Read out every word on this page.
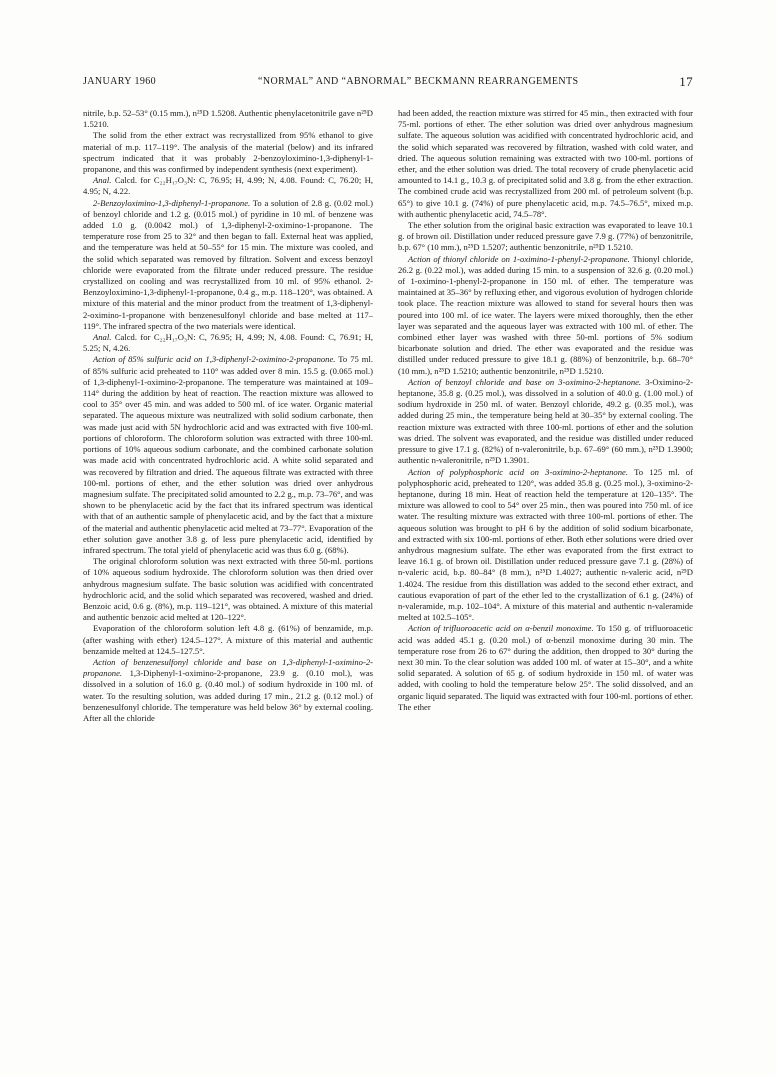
JANUARY 1960	“NORMAL” AND “ABNORMAL” BECKMANN REARRANGEMENTS	17

nitrile, b.p. 52–53° (0.15 mm.), n²⁵D 1.5208. Authentic phenylacetonitrile gave n²⁵D 1.5210.

The solid from the ether extract was recrystallized from 95% ethanol to give material of m.p. 117–119°. The analysis of the material (below) and its infrared spectrum indicated that it was probably 2-benzoyloximino-1,3-diphenyl-1-propanone, and this was confirmed by independent synthesis (next experiment).

Anal. Calcd. for C₂₂H₁₇O₃N: C, 76.95; H, 4.99; N, 4.08. Found: C, 76.20; H, 4.95; N, 4.22.

2-Benzoyloximino-1,3-diphenyl-1-propanone. To a solution of 2.8 g. (0.02 mol.) of benzoyl chloride and 1.2 g. (0.015 mol.) of pyridine in 10 ml. of benzene was added 1.0 g. (0.0042 mol.) of 1,3-diphenyl-2-oximino-1-propanone. The temperature rose from 25 to 32° and then began to fall. External heat was applied, and the temperature was held at 50–55° for 15 min. The mixture was cooled, and the solid which separated was removed by filtration. Solvent and excess benzoyl chloride were evaporated from the filtrate under reduced pressure. The residue crystallized on cooling and was recrystallized from 10 ml. of 95% ethanol. 2-Benzoyloximino-1,3-diphenyl-1-propanone, 0.4 g., m.p. 118–120°, was obtained. A mixture of this material and the minor product from the treatment of 1,3-diphenyl-2-oximino-1-propanone with benzenesulfonyl chloride and base melted at 117–119°. The infrared spectra of the two materials were identical.

Anal. Calcd. for C₂₂H₁₇O₃N: C, 76.95; H, 4.99; N, 4.08. Found: C, 76.91; H, 5.25; N, 4.26.

Action of 85% sulfuric acid on 1,3-diphenyl-2-oximino-2-propanone. To 75 ml. of 85% sulfuric acid preheated to 110° was added over 8 min. 15.5 g. (0.065 mol.) of 1,3-diphenyl-1-oximino-2-propanone. The temperature was maintained at 109–114° during the addition by heat of reaction. The reaction mixture was allowed to cool to 35° over 45 min. and was added to 500 ml. of ice water. Organic material separated. The aqueous mixture was neutralized with solid sodium carbonate, then was made just acid with 5N hydrochloric acid and was extracted with five 100-ml. portions of chloroform. The chloroform solution was extracted with three 100-ml. portions of 10% aqueous sodium carbonate, and the combined carbonate solution was made acid with concentrated hydrochloric acid. A white solid separated and was recovered by filtration and dried. The aqueous filtrate was extracted with three 100-ml. portions of ether, and the ether solution was dried over anhydrous magnesium sulfate. The precipitated solid amounted to 2.2 g., m.p. 73–76°, and was shown to be phenylacetic acid by the fact that its infrared spectrum was identical with that of an authentic sample of phenylacetic acid, and by the fact that a mixture of the material and authentic phenylacetic acid melted at 73–77°. Evaporation of the ether solution gave another 3.8 g. of less pure phenylacetic acid, identified by infrared spectrum. The total yield of phenylacetic acid was thus 6.0 g. (68%).

The original chloroform solution was next extracted with three 50-ml. portions of 10% aqueous sodium hydroxide. The chloroform solution was then dried over anhydrous magnesium sulfate. The basic solution was acidified with concentrated hydrochloric acid, and the solid which separated was recovered, washed and dried. Benzoic acid, 0.6 g. (8%), m.p. 119–121°, was obtained. A mixture of this material and authentic benzoic acid melted at 120–122°.

Evaporation of the chloroform solution left 4.8 g. (61%) of benzamide, m.p. (after washing with ether) 124.5–127°. A mixture of this material and authentic benzamide melted at 124.5–127.5°.

Action of benzenesulfonyl chloride and base on 1,3-diphenyl-1-oximino-2-propanone. 1,3-Diphenyl-1-oximino-2-propanone, 23.9 g. (0.10 mol.), was dissolved in a solution of 16.0 g. (0.40 mol.) of sodium hydroxide in 100 ml. of water. To the resulting solution, was added during 17 min., 21.2 g. (0.12 mol.) of benzenesulfonyl chloride. The temperature was held below 36° by external cooling. After all the chloride

had been added, the reaction mixture was stirred for 45 min., then extracted with four 75-ml. portions of ether. The ether solution was dried over anhydrous magnesium sulfate. The aqueous solution was acidified with concentrated hydrochloric acid, and the solid which separated was recovered by filtration, washed with cold water, and dried. The aqueous solution remaining was extracted with two 100-ml. portions of ether, and the ether solution was dried. The total recovery of crude phenylacetic acid amounted to 14.1 g., 10.3 g. of precipitated solid and 3.8 g. from the ether extraction. The combined crude acid was recrystallized from 200 ml. of petroleum solvent (b.p. 65°) to give 10.1 g. (74%) of pure phenylacetic acid, m.p. 74.5–76.5°, mixed m.p. with authentic phenylacetic acid, 74.5–78°.

The ether solution from the original basic extraction was evaporated to leave 10.1 g. of brown oil. Distillation under reduced pressure gave 7.9 g. (77%) of benzonitrile, b.p. 67° (10 mm.), n²⁵D 1.5207; authentic benzonitrile, n²⁵D 1.5210.

Action of thionyl chloride on 1-oximino-1-phenyl-2-propanone. Thionyl chloride, 26.2 g. (0.22 mol.), was added during 15 min. to a suspension of 32.6 g. (0.20 mol.) of 1-oximino-1-phenyl-2-propanone in 150 ml. of ether. The temperature was maintained at 35–36° by refluxing ether, and vigorous evolution of hydrogen chloride took place. The reaction mixture was allowed to stand for several hours then was poured into 100 ml. of ice water. The layers were mixed thoroughly, then the ether layer was separated and the aqueous layer was extracted with 100 ml. of ether. The combined ether layer was washed with three 50-ml. portions of 5% sodium bicarbonate solution and dried. The ether was evaporated and the residue was distilled under reduced pressure to give 18.1 g. (88%) of benzonitrile, b.p. 68–70° (10 mm.), n²⁵D 1.5210; authentic benzonitrile, n²⁵D 1.5210.

Action of benzoyl chloride and base on 3-oximino-2-heptanone. 3-Oximino-2-heptanone, 35.8 g. (0.25 mol.), was dissolved in a solution of 40.0 g. (1.00 mol.) of sodium hydroxide in 250 ml. of water. Benzoyl chloride, 49.2 g. (0.35 mol.), was added during 25 min., the temperature being held at 30–35° by external cooling. The reaction mixture was extracted with three 100-ml. portions of ether and the solution was dried. The solvent was evaporated, and the residue was distilled under reduced pressure to give 17.1 g. (82%) of n-valeronitrile, b.p. 67–69° (60 mm.), n²⁵D 1.3900; authentic n-valeronitrile, n²⁵D 1.3901.

Action of polyphosphoric acid on 3-oximino-2-heptanone. To 125 ml. of polyphosphoric acid, preheated to 120°, was added 35.8 g. (0.25 mol.), 3-oximino-2-heptanone, during 18 min. Heat of reaction held the temperature at 120–135°. The mixture was allowed to cool to 54° over 25 min., then was poured into 750 ml. of ice water. The resulting mixture was extracted with three 100-ml. portions of ether. The aqueous solution was brought to pH 6 by the addition of solid sodium bicarbonate, and extracted with six 100-ml. portions of ether. Both ether solutions were dried over anhydrous magnesium sulfate. The ether was evaporated from the first extract to leave 16.1 g. of brown oil. Distillation under reduced pressure gave 7.1 g. (28%) of n-valeric acid, b.p. 80–84° (8 mm.), n²⁵D 1.4027; authentic n-valeric acid, n²⁵D 1.4024. The residue from this distillation was added to the second ether extract, and cautious evaporation of part of the ether led to the crystallization of 6.1 g. (24%) of n-valeramide, m.p. 102–104°. A mixture of this material and authentic n-valeramide melted at 102.5–105°.

Action of trifluoroacetic acid on α-benzil monoxime. To 150 g. of trifluoroacetic acid was added 45.1 g. (0.20 mol.) of α-benzil monoxime during 30 min. The temperature rose from 26 to 67° during the addition, then dropped to 30° during the next 30 min. To the clear solution was added 100 ml. of water at 15–30°, and a white solid separated. A solution of 65 g. of sodium hydroxide in 150 ml. of water was added, with cooling to hold the temperature below 25°. The solid dissolved, and an organic liquid separated. The liquid was extracted with four 100-ml. portions of ether. The ether
